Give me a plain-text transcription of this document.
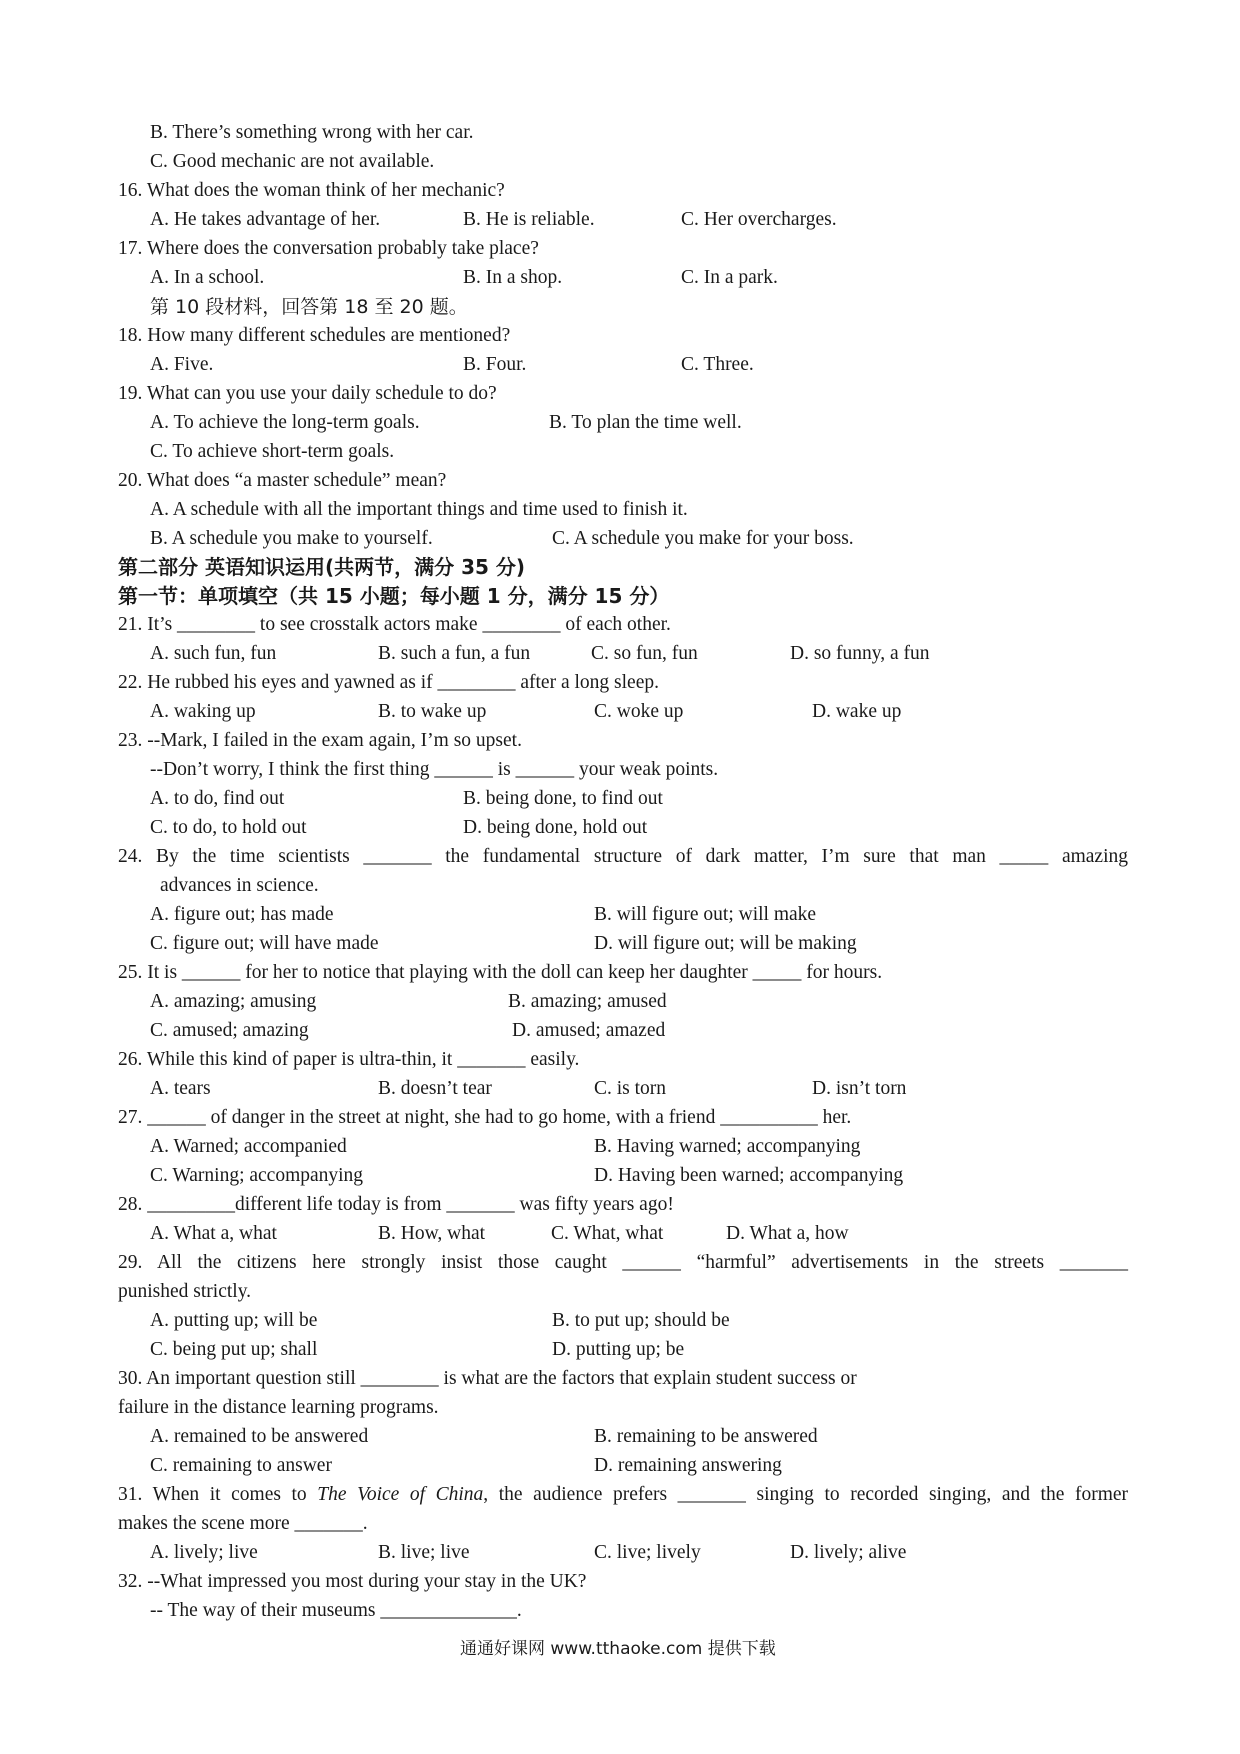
B. There’s something wrong with her car.
C. Good mechanic are not available.
16. What does the woman think of her mechanic?
A. He takes advantage of her.	B. He is reliable.	C. Her overcharges.
17. Where does the conversation probably take place?
A. In a school.	B. In a shop.	C. In a park.
第 10 段材料，回答第 18 至 20 题。
18. How many different schedules are mentioned?
A. Five.	B. Four.	C. Three.
19. What can you use your daily schedule to do?
A. To achieve the long-term goals.	B. To plan the time well.
C. To achieve short-term goals.
20. What does “a master schedule” mean?
A. A schedule with all the important things and time used to finish it.
B. A schedule you make to yourself.	C. A schedule you make for your boss.
第二部分 英语知识运用(共两节，满分 35 分)
第一节：单项填空（共 15 小题；每小题 1 分，满分 15 分）
21. It’s ________ to see crosstalk actors make ________ of each other.
A. such fun, fun	B. such a fun, a fun	C. so fun, fun	D. so funny, a fun
22. He rubbed his eyes and yawned as if ________ after a long sleep.
A. waking up	B. to wake up	C. woke up	D. wake up
23. --Mark, I failed in the exam again, I’m so upset.
--Don’t worry, I think the first thing ______ is ______ your weak points.
A. to do, find out	B. being done, to find out
C. to do, to hold out	D. being done, hold out
24. By the time scientists _______ the fundamental structure of dark matter, I’m sure that man _____ amazing
advances in science.
A. figure out; has made	B. will figure out; will make
C. figure out; will have made	D. will figure out; will be making
25. It is ______ for her to notice that playing with the doll can keep her daughter _____ for hours.
A. amazing; amusing	B. amazing; amused
C. amused; amazing	D. amused; amazed
26. While this kind of paper is ultra-thin, it _______ easily.
A. tears	B. doesn’t tear	C. is torn	D. isn’t torn
27. ______ of danger in the street at night, she had to go home, with a friend __________ her.
A. Warned; accompanied	B. Having warned; accompanying
C. Warning; accompanying	D. Having been warned; accompanying
28. _________different life today is from _______ was fifty years ago!
A. What a, what	B. How, what	C. What, what	D. What a, how
29. All the citizens here strongly insist those caught ______ “harmful” advertisements in the streets _______
punished strictly.
A. putting up; will be	B. to put up; should be
C. being put up; shall	D. putting up; be
30. An important question still ________ is what are the factors that explain student success or
failure in the distance learning programs.
A. remained to be answered	B. remaining to be answered
C. remaining to answer	D. remaining answering
31. When it comes to The Voice of China, the audience prefers _______ singing to recorded singing, and the former
makes the scene more _______.
A. lively; live	B. live; live	C. live; lively	D. lively; alive
32. --What impressed you most during your stay in the UK?
-- The way of their museums ______________.
通通好课网 www.tthaoke.com 提供下载
